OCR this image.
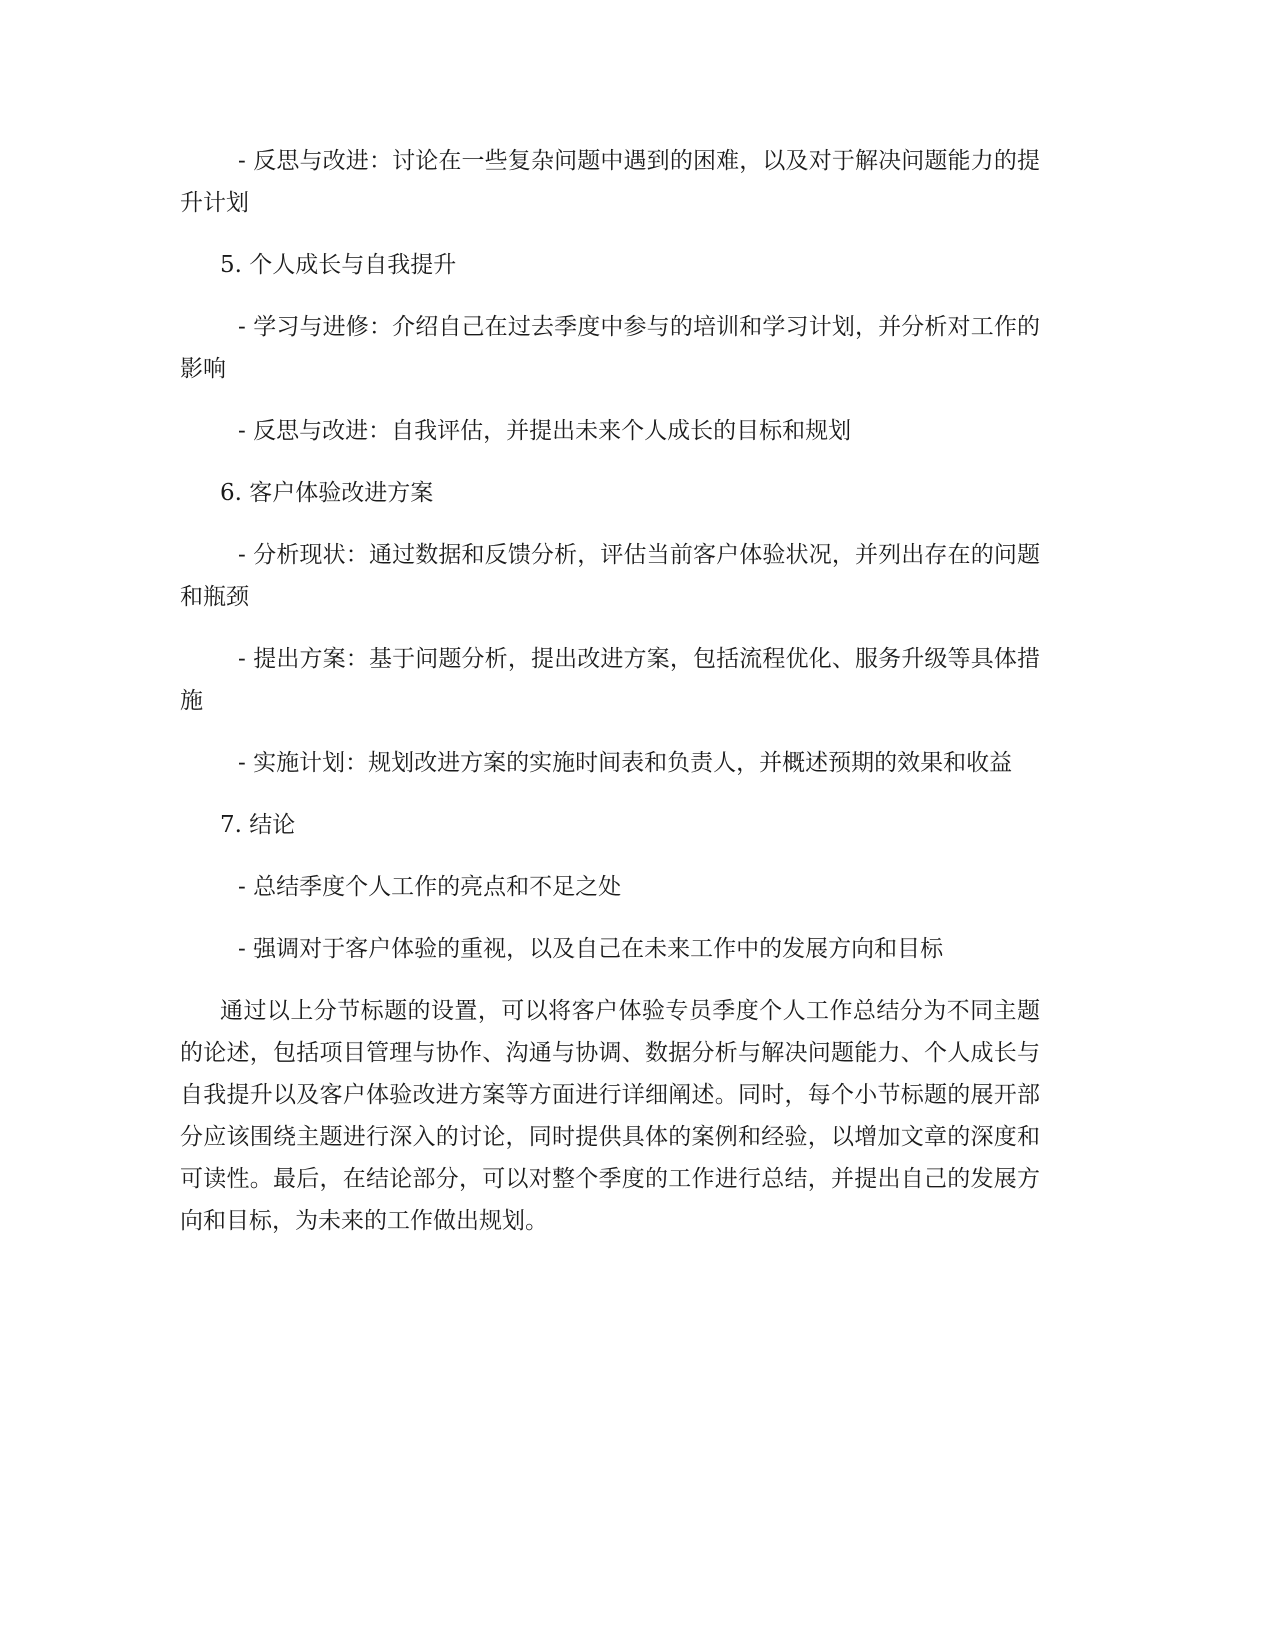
- 反思与改进：讨论在一些复杂问题中遇到的困难，以及对于解决问题能力的提升计划

5. 个人成长与自我提升

- 学习与进修：介绍自己在过去季度中参与的培训和学习计划，并分析对工作的影响

- 反思与改进：自我评估，并提出未来个人成长的目标和规划

6. 客户体验改进方案

- 分析现状：通过数据和反馈分析，评估当前客户体验状况，并列出存在的问题和瓶颈

- 提出方案：基于问题分析，提出改进方案，包括流程优化、服务升级等具体措施

- 实施计划：规划改进方案的实施时间表和负责人，并概述预期的效果和收益

7. 结论

- 总结季度个人工作的亮点和不足之处

- 强调对于客户体验的重视，以及自己在未来工作中的发展方向和目标

通过以上分节标题的设置，可以将客户体验专员季度个人工作总结分为不同主题的论述，包括项目管理与协作、沟通与协调、数据分析与解决问题能力、个人成长与自我提升以及客户体验改进方案等方面进行详细阐述。同时，每个小节标题的展开部分应该围绕主题进行深入的讨论，同时提供具体的案例和经验，以增加文章的深度和可读性。最后，在结论部分，可以对整个季度的工作进行总结，并提出自己的发展方向和目标，为未来的工作做出规划。
